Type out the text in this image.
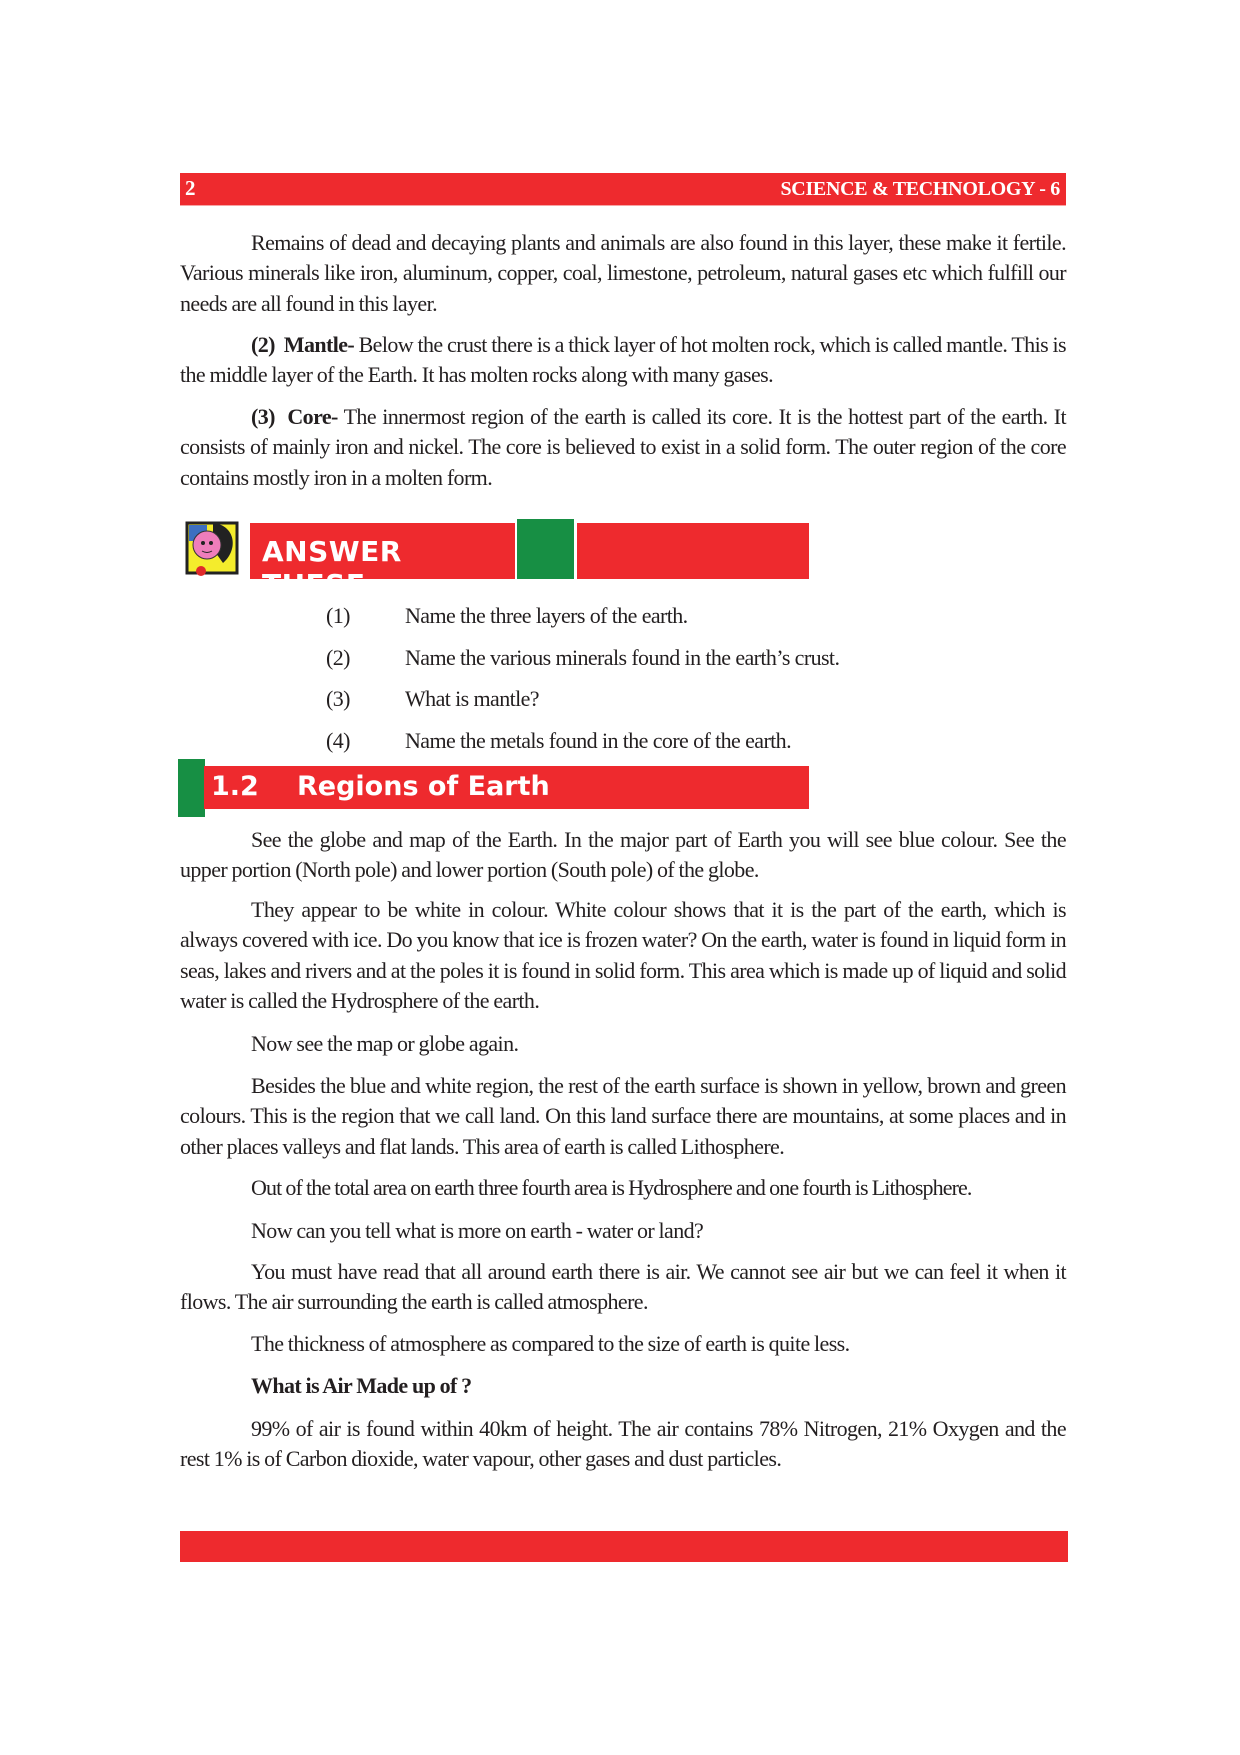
2	SCIENCE & TECHNOLOGY - 6
Remains of dead and decaying plants and animals are also found in this layer, these make it fertile. Various minerals like iron, aluminum, copper, coal, limestone, petroleum, natural gases etc which fulfill our needs are all found in this layer.
(2) Mantle- Below the crust there is a thick layer of hot molten rock, which is called mantle. This is the middle layer of the Earth. It has molten rocks along with many gases.
(3) Core- The innermost region of the earth is called its core. It is the hottest part of the earth. It consists of mainly iron and nickel. The core is believed to exist in a solid form. The outer region of the core contains mostly iron in a molten form.
ANSWER THESE
(1)	Name the three layers of the earth.
(2)	Name the various minerals found in the earth’s crust.
(3)	What is mantle?
(4)	Name the metals found in the core of the earth.
1.2 Regions of Earth
See the globe and map of the Earth. In the major part of Earth you will see blue colour. See the upper portion (North pole) and lower portion (South pole) of the globe.
They appear to be white in colour. White colour shows that it is the part of the earth, which is always covered with ice. Do you know that ice is frozen water? On the earth, water is found in liquid form in seas, lakes and rivers and at the poles it is found in solid form. This area which is made up of liquid and solid water is called the Hydrosphere of the earth.
Now see the map or globe again.
Besides the blue and white region, the rest of the earth surface is shown in yellow, brown and green colours. This is the region that we call land. On this land surface there are mountains, at some places and in other places valleys and flat lands. This area of earth is called Lithosphere.
Out of the total area on earth three fourth area is Hydrosphere and one fourth is Lithosphere.
Now can you tell what is more on earth - water or land?
You must have read that all around earth there is air. We cannot see air but we can feel it when it flows. The air surrounding the earth is called atmosphere.
The thickness of atmosphere as compared to the size of earth is quite less.
What is Air Made up of ?
99% of air is found within 40km of height. The air contains 78% Nitrogen, 21% Oxygen and the rest 1% is of Carbon dioxide, water vapour, other gases and dust particles.
